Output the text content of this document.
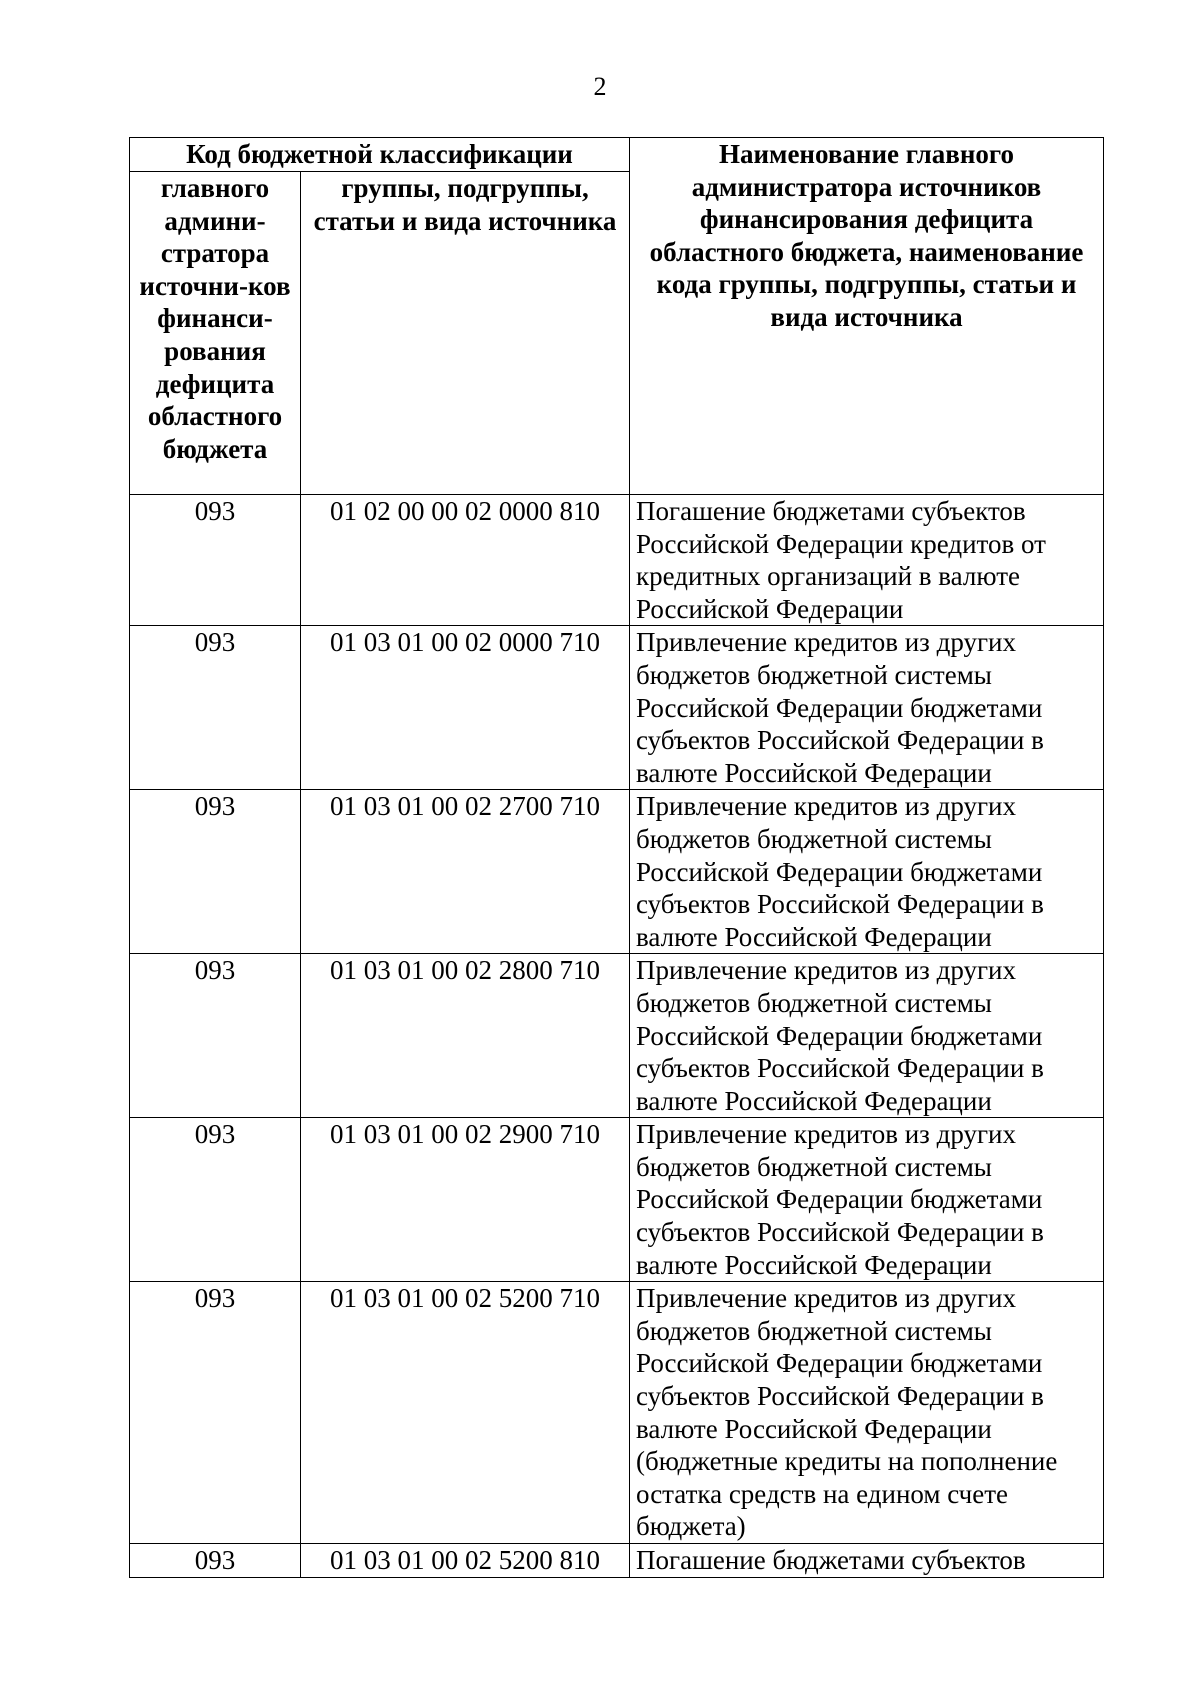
2
Код бюджетной классификации		Наименование главного администратора источников финансирования дефицита областного бюджета, наименование кода группы, подгруппы, статьи и вида источника
главного админи-стратора источни-ков финанси-рования дефицита областного бюджета	группы, подгруппы, статьи и вида источника	
093	01 02 00 00 02 0000 810	Погашение бюджетами субъектов Российской Федерации кредитов от кредитных организаций в валюте Российской Федерации
093	01 03 01 00 02 0000 710	Привлечение кредитов из других бюджетов бюджетной системы Российской Федерации бюджетами субъектов Российской Федерации в валюте Российской Федерации
093	01 03 01 00 02 2700 710	Привлечение кредитов из других бюджетов бюджетной системы Российской Федерации бюджетами субъектов Российской Федерации в валюте Российской Федерации
093	01 03 01 00 02 2800 710	Привлечение кредитов из других бюджетов бюджетной системы Российской Федерации бюджетами субъектов Российской Федерации в валюте Российской Федерации
093	01 03 01 00 02 2900 710	Привлечение кредитов из других бюджетов бюджетной системы Российской Федерации бюджетами субъектов Российской Федерации в валюте Российской Федерации
093	01 03 01 00 02 5200 710	Привлечение кредитов из других бюджетов бюджетной системы Российской Федерации бюджетами субъектов Российской Федерации в валюте Российской Федерации (бюджетные кредиты на пополнение остатка средств на едином счете бюджета)
093	01 03 01 00 02 5200 810	Погашение бюджетами субъектов
